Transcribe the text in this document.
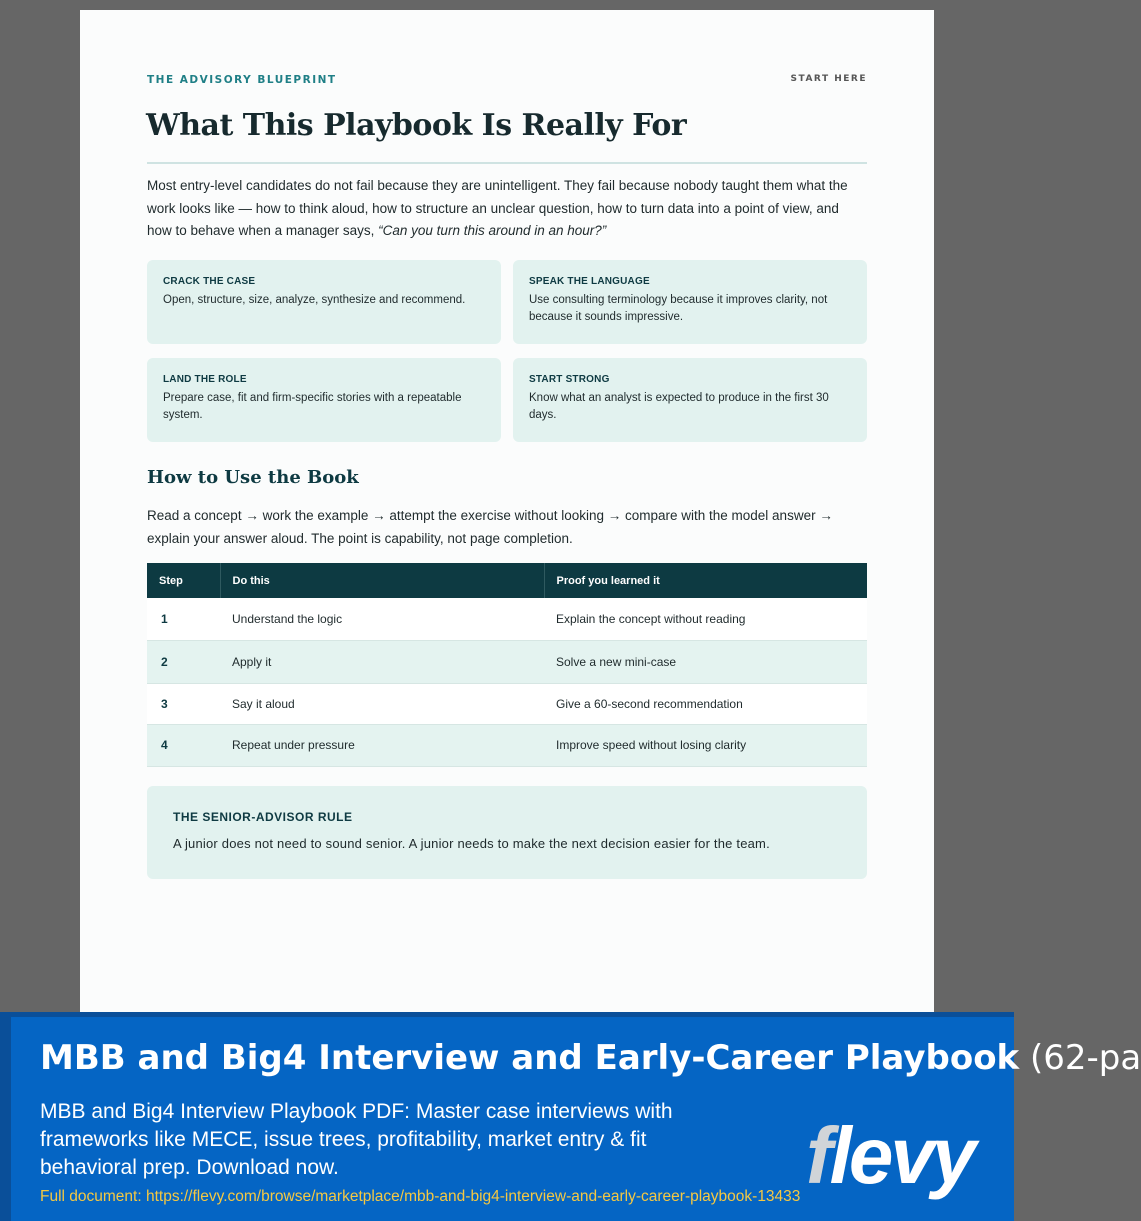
THE ADVISORY BLUEPRINT	START HERE
What This Playbook Is Really For

Most entry-level candidates do not fail because they are unintelligent. They fail because nobody taught them what the work looks like — how to think aloud, how to structure an unclear question, how to turn data into a point of view, and how to behave when a manager says, “Can you turn this around in an hour?”

CRACK THE CASE
Open, structure, size, analyze, synthesize and recommend.
SPEAK THE LANGUAGE
Use consulting terminology because it improves clarity, not because it sounds impressive.
LAND THE ROLE
Prepare case, fit and firm-specific stories with a repeatable system.
START STRONG
Know what an analyst is expected to produce in the first 30 days.
How to Use the Book

Read a concept → work the example → attempt the exercise without looking → compare with the model answer → explain your answer aloud. The point is capability, not page completion.

Step	Do this	Proof you learned it
1	Understand the logic	Explain the concept without reading
2	Apply it	Solve a new mini-case
3	Say it aloud	Give a 60-second recommendation
4	Repeat under pressure	Improve speed without losing clarity
THE SENIOR-ADVISOR RULE
A junior does not need to sound senior. A junior needs to make the next decision easier for the team.
MBB and Big4 Interview and Early-Career Playbook (62-pa
MBB and Big4 Interview Playbook PDF: Master case interviews with frameworks like MECE, issue trees, profitability, market entry & fit behavioral prep. Download now.
Full document: https://flevy.com/browse/marketplace/mbb-and-big4-interview-and-early-career-playbook-13433 flevy
